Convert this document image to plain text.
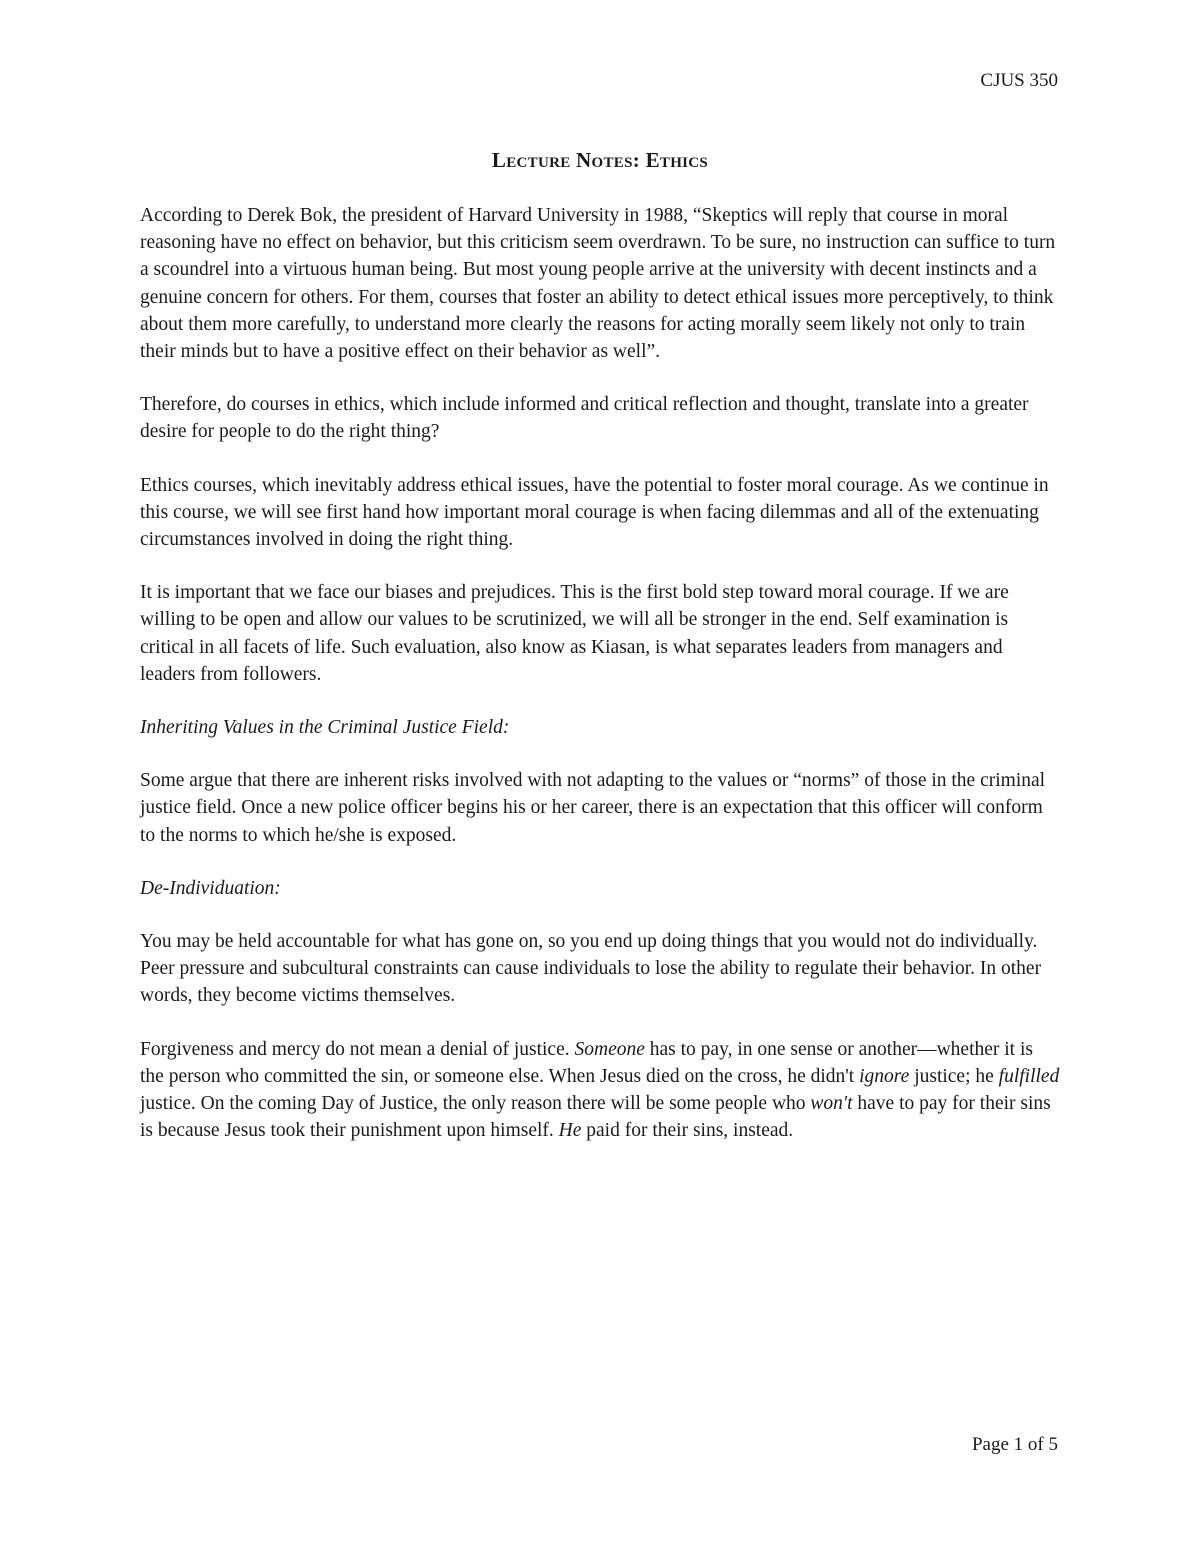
CJUS 350
Lecture Notes: Ethics

According to Derek Bok, the president of Harvard University in 1988, “Skeptics will reply that course in moral reasoning have no effect on behavior, but this criticism seem overdrawn. To be sure, no instruction can suffice to turn a scoundrel into a virtuous human being. But most young people arrive at the university with decent instincts and a genuine concern for others. For them, courses that foster an ability to detect ethical issues more perceptively, to think about them more carefully, to understand more clearly the reasons for acting morally seem likely not only to train their minds but to have a positive effect on their behavior as well”.

Therefore, do courses in ethics, which include informed and critical reflection and thought, translate into a greater desire for people to do the right thing?

Ethics courses, which inevitably address ethical issues, have the potential to foster moral courage. As we continue in this course, we will see first hand how important moral courage is when facing dilemmas and all of the extenuating circumstances involved in doing the right thing.

It is important that we face our biases and prejudices. This is the first bold step toward moral courage. If we are willing to be open and allow our values to be scrutinized, we will all be stronger in the end. Self examination is critical in all facets of life. Such evaluation, also know as Kiasan, is what separates leaders from managers and leaders from followers.

Inheriting Values in the Criminal Justice Field:

Some argue that there are inherent risks involved with not adapting to the values or “norms” of those in the criminal justice field. Once a new police officer begins his or her career, there is an expectation that this officer will conform to the norms to which he/she is exposed.

De-Individuation:

You may be held accountable for what has gone on, so you end up doing things that you would not do individually. Peer pressure and subcultural constraints can cause individuals to lose the ability to regulate their behavior. In other words, they become victims themselves.

Forgiveness and mercy do not mean a denial of justice. Someone has to pay, in one sense or another—whether it is the person who committed the sin, or someone else. When Jesus died on the cross, he didn't ignore justice; he fulfilled justice. On the coming Day of Justice, the only reason there will be some people who won't have to pay for their sins is because Jesus took their punishment upon himself. He paid for their sins, instead.

Page 1 of 5
